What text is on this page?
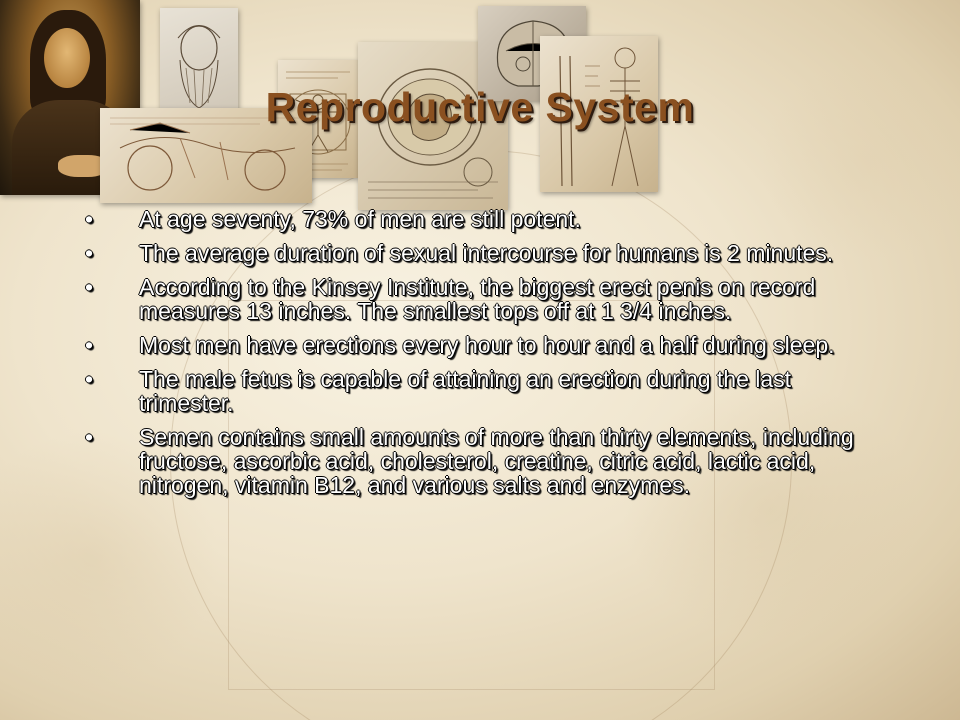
Reproductive System
• At age seventy, 73% of men are still potent.
• The average duration of sexual intercourse for humans is 2 minutes.
• According to the Kinsey Institute, the biggest erect penis on record measures 13 inches. The smallest tops off at 1 3/4 inches.
• Most men have erections every hour to hour and a half during sleep.
• The male fetus is capable of attaining an erection during the last trimester.
• Semen contains small amounts of more than thirty elements, including fructose, ascorbic acid, cholesterol, creatine, citric acid, lactic acid, nitrogen, vitamin B12, and various salts and enzymes.
